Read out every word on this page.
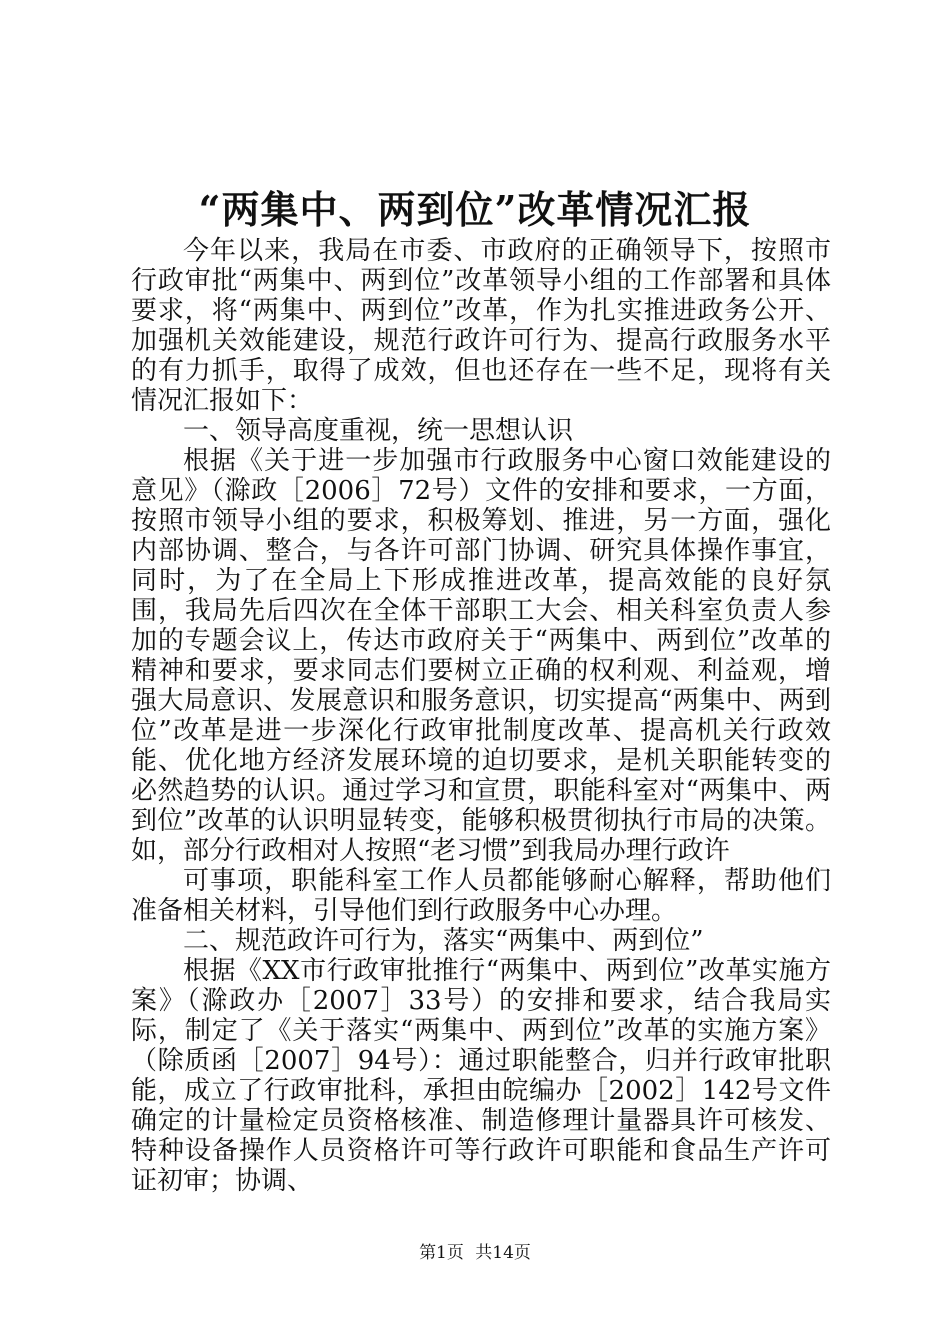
“两集中、两到位”改革情况汇报

今年以来，我局在市委、市政府的正确领导下，按照市行政审批“两集中、两到位”改革领导小组的工作部署和具体要求，将“两集中、两到位”改革，作为扎实推进政务公开、加强机关效能建设，规范行政许可行为、提高行政服务水平的有力抓手，取得了成效，但也还存在一些不足，现将有关情况汇报如下：

一、领导高度重视，统一思想认识

根据《关于进一步加强市行政服务中心窗口效能建设的意见》（滁政［2006］72号）文件的安排和要求，一方面，按照市领导小组的要求，积极筹划、推进，另一方面，强化内部协调、整合，与各许可部门协调、研究具体操作事宜，同时，为了在全局上下形成推进改革，提高效能的良好氛围，我局先后四次在全体干部职工大会、相关科室负责人参加的专题会议上，传达市政府关于“两集中、两到位”改革的精神和要求，要求同志们要树立正确的权利观、利益观，增强大局意识、发展意识和服务意识，切实提高“两集中、两到位”改革是进一步深化行政审批制度改革、提高机关行政效能、优化地方经济发展环境的迫切要求，是机关职能转变的必然趋势的认识。通过学习和宣贯，职能科室对“两集中、两到位”改革的认识明显转变，能够积极贯彻执行市局的决策。如，部分行政相对人按照“老习惯”到我局办理行政许

可事项，职能科室工作人员都能够耐心解释，帮助他们准备相关材料，引导他们到行政服务中心办理。

二、规范政许可行为，落实“两集中、两到位”

根据《XX市行政审批推行“两集中、两到位”改革实施方案》（滁政办［2007］33号）的安排和要求，结合我局实际，制定了《关于落实“两集中、两到位”改革的实施方案》（除质函［2007］94号）：通过职能整合，归并行政审批职能，成立了行政审批科，承担由皖编办［2002］142号文件确定的计量检定员资格核准、制造修理计量器具许可核发、特种设备操作人员资格许可等行政许可职能和食品生产许可证初审；协调、

第1页 共14页
